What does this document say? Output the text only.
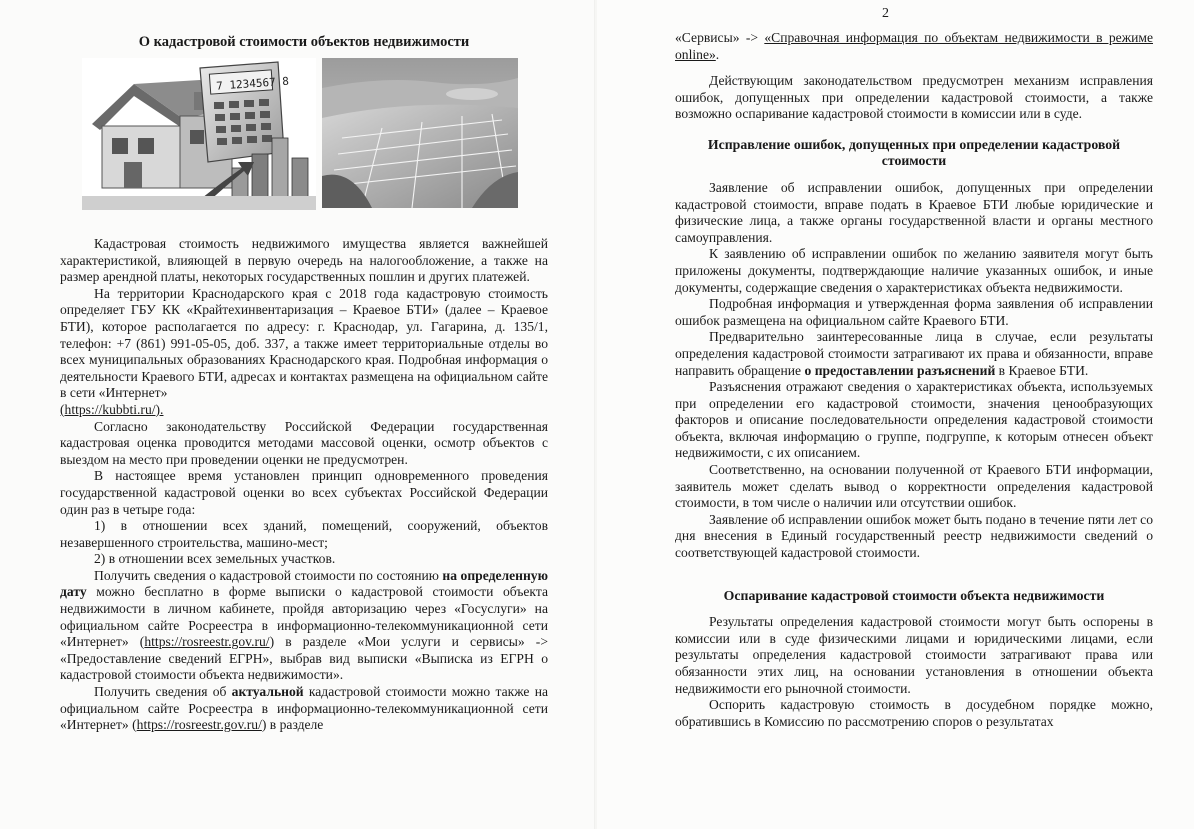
О кадастровой стоимости объектов недвижимости
7 1234567 8

Кадастровая стоимость недвижимого имущества является важнейшей характеристикой, влияющей в первую очередь на налогообложение, а также на размер арендной платы, некоторых государственных пошлин и других платежей.

На территории Краснодарского края с 2018 года кадастровую стоимость определяет ГБУ КК «Крайтехинвентаризация – Краевое БТИ» (далее – Краевое БТИ), которое располагается по адресу: г. Краснодар, ул. Гагарина, д. 135/1, телефон: +7 (861) 991-05-05, доб. 337, а также имеет территориальные отделы во всех муниципальных образованиях Краснодарского края. Подробная информация о деятельности Краевого БТИ, адресах и контактах размещена на официальном сайте в сети «Интернет»

(https://kubbti.ru/).

Согласно законодательству Российской Федерации государственная кадастровая оценка проводится методами массовой оценки, осмотр объектов с выездом на место при проведении оценки не предусмотрен.

В настоящее время установлен принцип одновременного проведения государственной кадастровой оценки во всех субъектах Российской Федерации один раз в четыре года:

1) в отношении всех зданий, помещений, сооружений, объектов незавершенного строительства, машино-мест;

2) в отношении всех земельных участков.

Получить сведения о кадастровой стоимости по состоянию на определенную дату можно бесплатно в форме выписки о кадастровой стоимости объекта недвижимости в личном кабинете, пройдя авторизацию через «Госуслуги» на официальном сайте Росреестра в информационно-телекоммуникационной сети «Интернет» (https://rosreestr.gov.ru/) в разделе «Мои услуги и сервисы» -> «Предоставление сведений ЕГРН», выбрав вид выписки «Выписка из ЕГРН о кадастровой стоимости объекта недвижимости».

Получить сведения об актуальной кадастровой стоимости можно также на официальном сайте Росреестра в информационно-телекоммуникационной сети «Интернет» (https://rosreestr.gov.ru/) в разделе

2

«Сервисы» -> «Справочная информация по объектам недвижимости в режиме online».

Действующим законодательством предусмотрен механизм исправления ошибок, допущенных при определении кадастровой стоимости, а также возможно оспаривание кадастровой стоимости в комиссии или в суде.

Исправление ошибок, допущенных при определении кадастровой стоимости

Заявление об исправлении ошибок, допущенных при определении кадастровой стоимости, вправе подать в Краевое БТИ любые юридические и физические лица, а также органы государственной власти и органы местного самоуправления.

К заявлению об исправлении ошибок по желанию заявителя могут быть приложены документы, подтверждающие наличие указанных ошибок, и иные документы, содержащие сведения о характеристиках объекта недвижимости.

Подробная информация и утвержденная форма заявления об исправлении ошибок размещена на официальном сайте Краевого БТИ.

Предварительно заинтересованные лица в случае, если результаты определения кадастровой стоимости затрагивают их права и обязанности, вправе направить обращение о предоставлении разъяснений в Краевое БТИ.

Разъяснения отражают сведения о характеристиках объекта, используемых при определении его кадастровой стоимости, значения ценообразующих факторов и описание последовательности определения кадастровой стоимости объекта, включая информацию о группе, подгруппе, к которым отнесен объект недвижимости, с их описанием.

Соответственно, на основании полученной от Краевого БТИ информации, заявитель может сделать вывод о корректности определения кадастровой стоимости, в том числе о наличии или отсутствии ошибок.

Заявление об исправлении ошибок может быть подано в течение пяти лет со дня внесения в Единый государственный реестр недвижимости сведений о соответствующей кадастровой стоимости.

Оспаривание кадастровой стоимости объекта недвижимости

Результаты определения кадастровой стоимости могут быть оспорены в комиссии или в суде физическими лицами и юридическими лицами, если результаты определения кадастровой стоимости затрагивают права или обязанности этих лиц, на основании установления в отношении объекта недвижимости его рыночной стоимости.

Оспорить кадастровую стоимость в досудебном порядке можно, обратившись в Комиссию по рассмотрению споров о результатах
